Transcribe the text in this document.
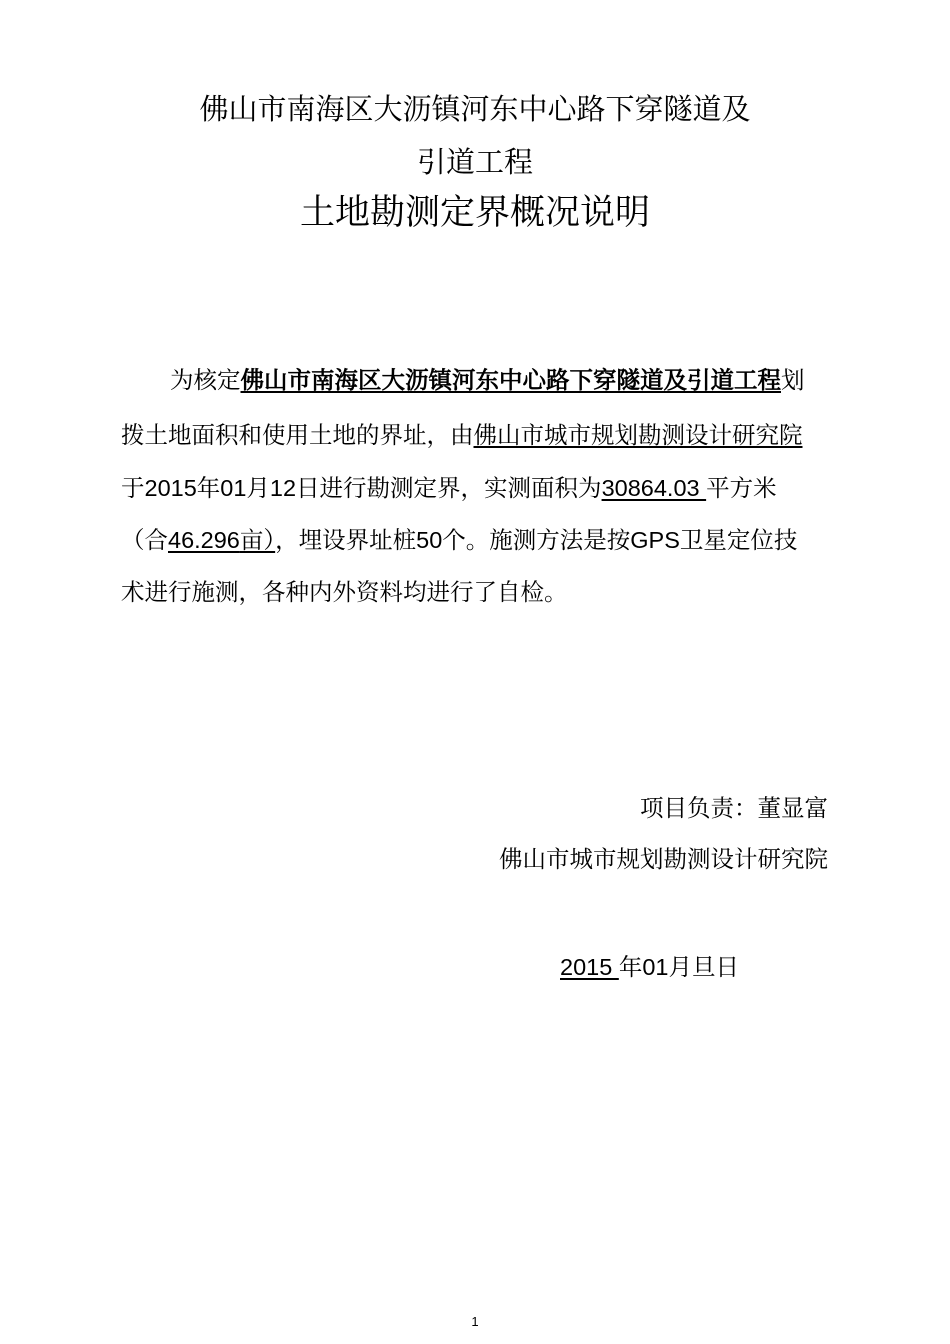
佛山市南海区大沥镇河东中心路下穿隧道及
引道工程
土地勘测定界概况说明
为核定佛山市南海区大沥镇河东中心路下穿隧道及引道工程划
拨土地面积和使用土地的界址，由佛山市城市规划勘测设计研究院
于2015年01月12日进行勘测定界，实测面积为30864.03 平方米
（合46.296亩），埋设界址桩50个。施测方法是按GPS卫星定位技
术进行施测，各种内外资料均进行了自检。
项目负责：董显富
佛山市城市规划勘测设计研究院
2015 年01月旦日
1
